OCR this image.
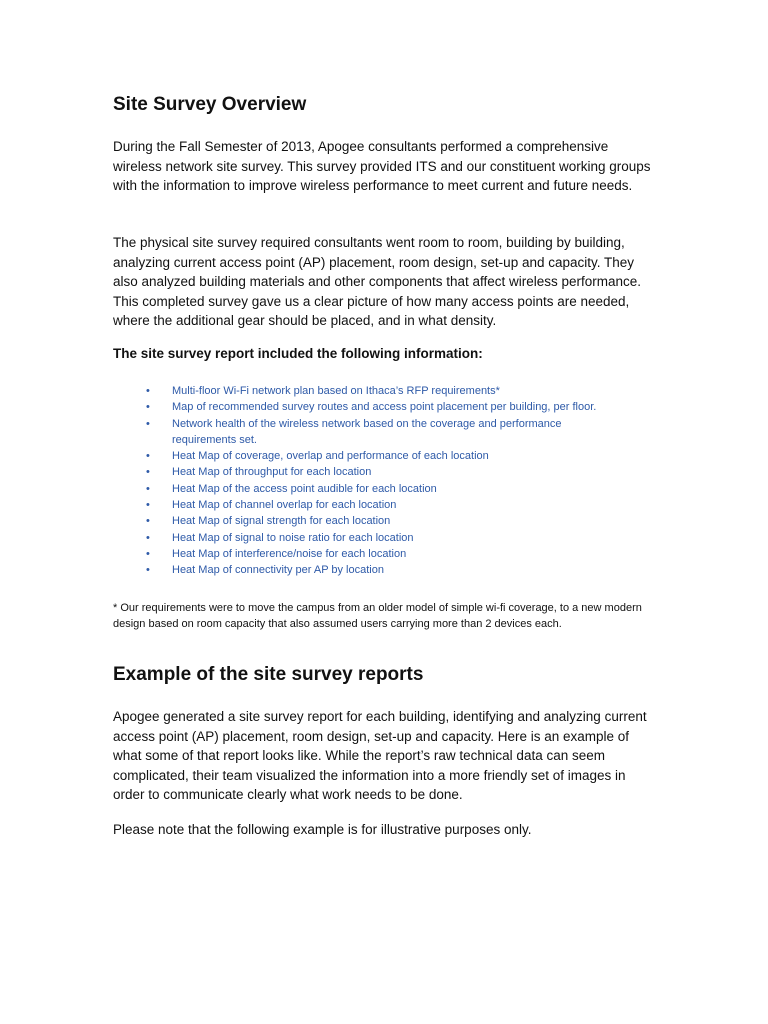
Site Survey Overview

During the Fall Semester of 2013, Apogee consultants performed a comprehensive wireless network site survey. This survey provided ITS and our constituent working groups with the information to improve wireless performance to meet current and future needs.

The physical site survey required consultants went room to room, building by building, analyzing current access point (AP) placement, room design, set-up and capacity. They also analyzed building materials and other components that affect wireless performance. This completed survey gave us a clear picture of how many access points are needed, where the additional gear should be placed, and in what density.

The site survey report included the following information:

• Multi-floor Wi-Fi network plan based on Ithaca’s RFP requirements*
• Map of recommended survey routes and access point placement per building, per floor.
• Network health of the wireless network based on the coverage and performance requirements set.
• Heat Map of coverage, overlap and performance of each location
• Heat Map of throughput for each location
• Heat Map of the access point audible for each location
• Heat Map of channel overlap for each location
• Heat Map of signal strength for each location
• Heat Map of signal to noise ratio for each location
• Heat Map of interference/noise for each location
• Heat Map of connectivity per AP by location

* Our requirements were to move the campus from an older model of simple wi-fi coverage, to a new modern design based on room capacity that also assumed users carrying more than 2 devices each.

Example of the site survey reports

Apogee generated a site survey report for each building, identifying and analyzing current access point (AP) placement, room design, set-up and capacity. Here is an example of what some of that report looks like. While the report’s raw technical data can seem complicated, their team visualized the information into a more friendly set of images in order to communicate clearly what work needs to be done.

Please note that the following example is for illustrative purposes only.
